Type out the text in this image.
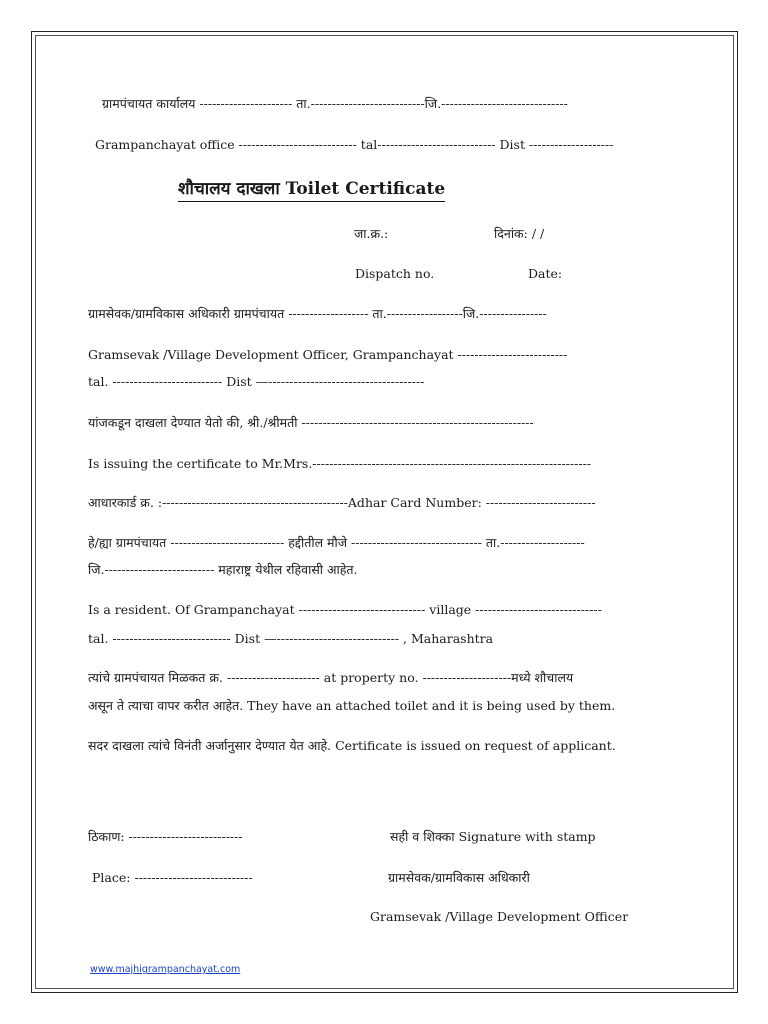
ग्रामपंचायत कार्यालय ---------------------- ता.---------------------------जि.------------------------------
Grampanchayat office ---------------------------- tal---------------------------- Dist --------------------
शौचालय दाखला Toilet Certificate
जा.क्र.:	दिनांक: / /
Dispatch no.	Date:
ग्रामसेवक/ग्रामविकास अधिकारी ग्रामपंचायत ------------------- ता.------------------जि.----------------
Gramsevak /Village Development Officer, Grampanchayat --------------------------
tal. -------------------------- Dist —-------------------------------------
यांजकडून दाखला देण्यात येतो की, श्री./श्रीमती -------------------------------------------------------
Is issuing the certificate to Mr.Mrs.------------------------------------------------------------------
आधारकार्ड क्र. :--------------------------------------------Adhar Card Number: --------------------------
हे/ह्या ग्रामपंचायत --------------------------- हद्दीतील मौजे ------------------------------- ता.--------------------
जि.-------------------------- महाराष्ट्र येथील रहिवासी आहेत.
Is a resident. Of Grampanchayat ------------------------------ village ------------------------------
tal. ---------------------------- Dist —----------------------------- , Maharashtra
त्यांचे ग्रामपंचायत मिळकत क्र. ---------------------- at property no. ---------------------मध्ये शौचालय
असून ते त्याचा वापर करीत आहेत. They have an attached toilet and it is being used by them.
सदर दाखला त्यांचे विनंती अर्जानुसार देण्यात येत आहे. Certificate is issued on request of applicant.
ठिकाण: ---------------------------	सही व शिक्का Signature with stamp
Place: ----------------------------	ग्रामसेवक/ग्रामविकास अधिकारी
Gramsevak /Village Development Officer
www.majhigrampanchayat.com
